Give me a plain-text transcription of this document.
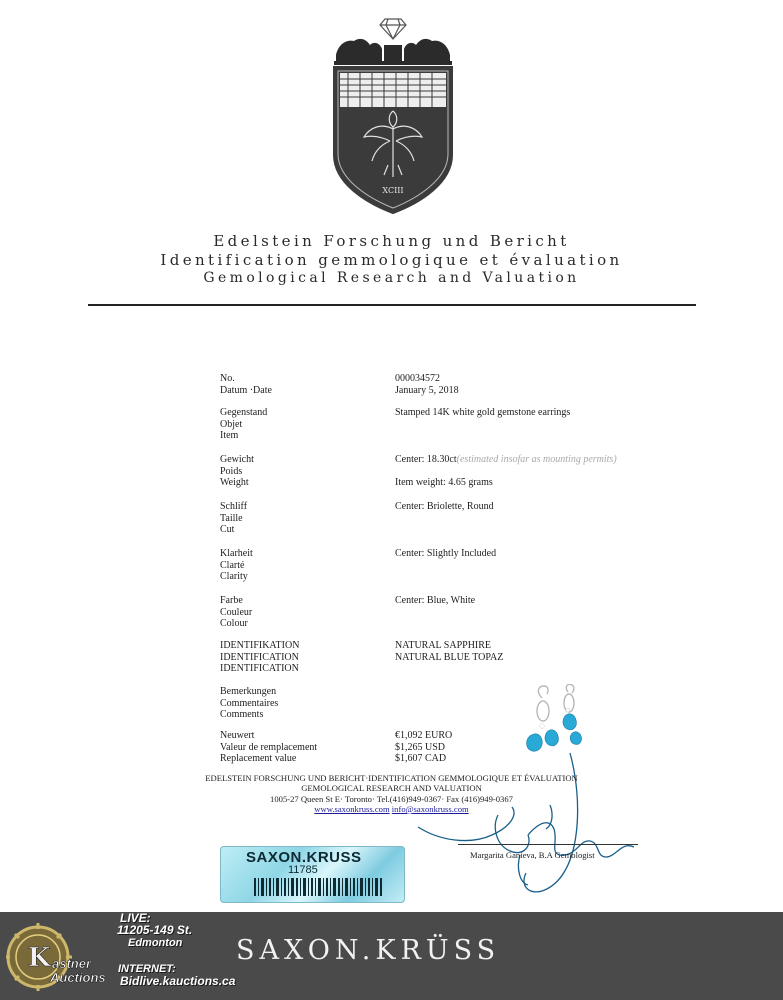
XCIII
Edelstein Forschung und Bericht
Identification gemmologique et évaluation
Gemological Research and Valuation
No.
Datum ·Date
000034572
January 5, 2018
Gegenstand
Objet
Item
Stamped 14K white gold gemstone earrings
Gewicht
Poids
Weight
Center: 18.30ct(estimated insofar as mounting permits)
Item weight: 4.65 grams
Schliff
Taille
Cut
Center: Briolette, Round
Klarheit
Clarté
Clarity
Center: Slightly Included
Farbe
Couleur
Colour
Center: Blue, White
IDENTIFIKATION
IDENTIFICATION
IDENTIFICATION
NATURAL SAPPHIRE
NATURAL BLUE TOPAZ
Bemerkungen
Commentaires
Comments
Neuwert
Valeur de remplacement
Replacement value
€1,092 EURO
$1,265 USD
$1,607 CAD
EDELSTEIN FORSCHUNG UND BERICHT·IDENTIFICATION GEMMOLOGIQUE ET ÉVALUATION
GEMOLOGICAL RESEARCH AND VALUATION
1005-27 Queen St E· Toronto· Tel.(416)949-0367· Fax (416)949-0367
www.saxonkruss.com info@saxonkruss.com
Margarita Ganieva, B.A Gemologist
SAXON.KRUSS
11785
SAXON.KRÜSS
K astner
Auctions
LIVE:
11205-149 St.
Edmonton
INTERNET:
Bidlive.kauctions.ca
